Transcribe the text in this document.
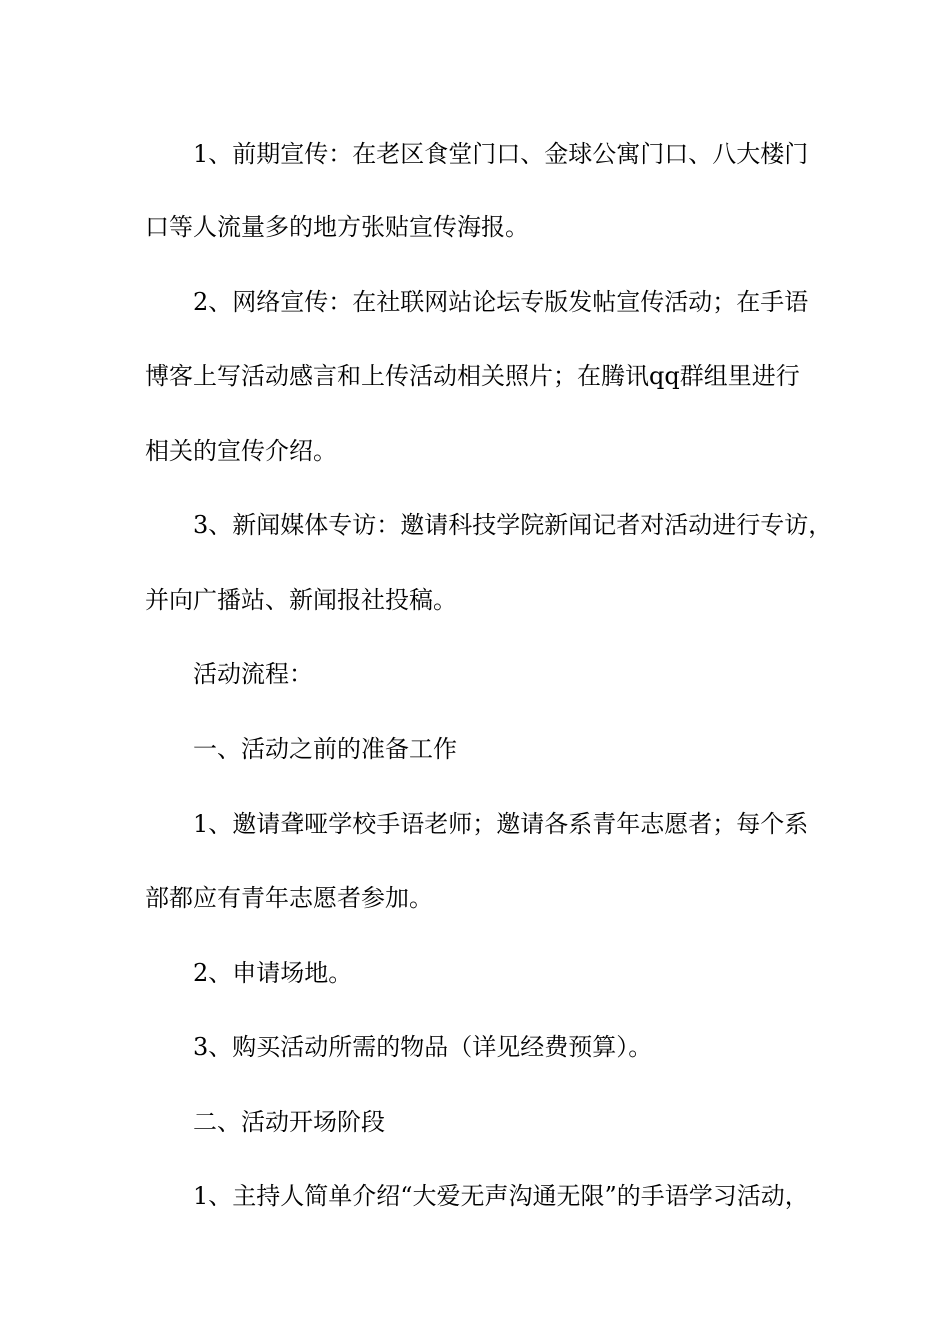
1、前期宣传：在老区食堂门口、金球公寓门口、八大楼门
口等人流量多的地方张贴宣传海报。
2、网络宣传：在社联网站论坛专版发帖宣传活动；在手语
博客上写活动感言和上传活动相关照片；在腾讯qq群组里进行
相关的宣传介绍。
3、新闻媒体专访：邀请科技学院新闻记者对活动进行专访，
并向广播站、新闻报社投稿。
活动流程：
一、活动之前的准备工作
1、邀请聋哑学校手语老师；邀请各系青年志愿者；每个系
部都应有青年志愿者参加。
2、申请场地。
3、购买活动所需的物品（详见经费预算）。
二、活动开场阶段
1、主持人简单介绍“大爱无声沟通无限”的手语学习活动，
